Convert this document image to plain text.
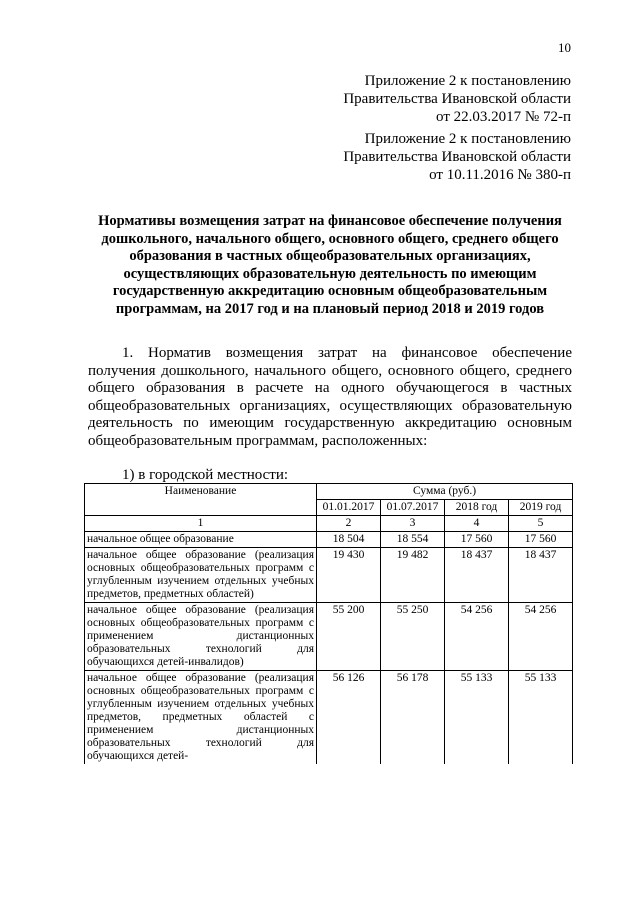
10
Приложение 2 к постановлению
Правительства Ивановской области
от 22.03.2017 № 72-п
Приложение 2 к постановлению
Правительства Ивановской области
от 10.11.2016 № 380-п
Нормативы возмещения затрат на финансовое обеспечение получения дошкольного, начального общего, основного общего, среднего общего образования в частных общеобразовательных организациях, осуществляющих образовательную деятельность по имеющим государственную аккредитацию основным общеобразовательным программам, на 2017 год и на плановый период 2018 и 2019 годов
1. Норматив возмещения затрат на финансовое обеспечение получения дошкольного, начального общего, основного общего, среднего общего образования в расчете на одного обучающегося в частных общеобразовательных организациях, осуществляющих образовательную деятельность по имеющим государственную аккредитацию основным общеобразовательным программам, расположенных:
1) в городской местности:
Наименование	Сумма (руб.)			
	01.01.2017	01.07.2017	2018 год	2019 год
1	2	3	4	5
начальное общее образование	18 504	18 554	17 560	17 560
начальное общее образование (реализация основных общеобразовательных программ с углубленным изучением отдельных учебных предметов, предметных областей)	19 430	19 482	18 437	18 437
начальное общее образование (реализация основных общеобразовательных программ с применением дистанционных образовательных технологий для обучающихся детей-инвалидов)	55 200	55 250	54 256	54 256
начальное общее образование (реализация основных общеобразовательных программ с углубленным изучением отдельных учебных предметов, предметных областей с применением дистанционных образовательных технологий для обучающихся детей-	56 126	56 178	55 133	55 133
